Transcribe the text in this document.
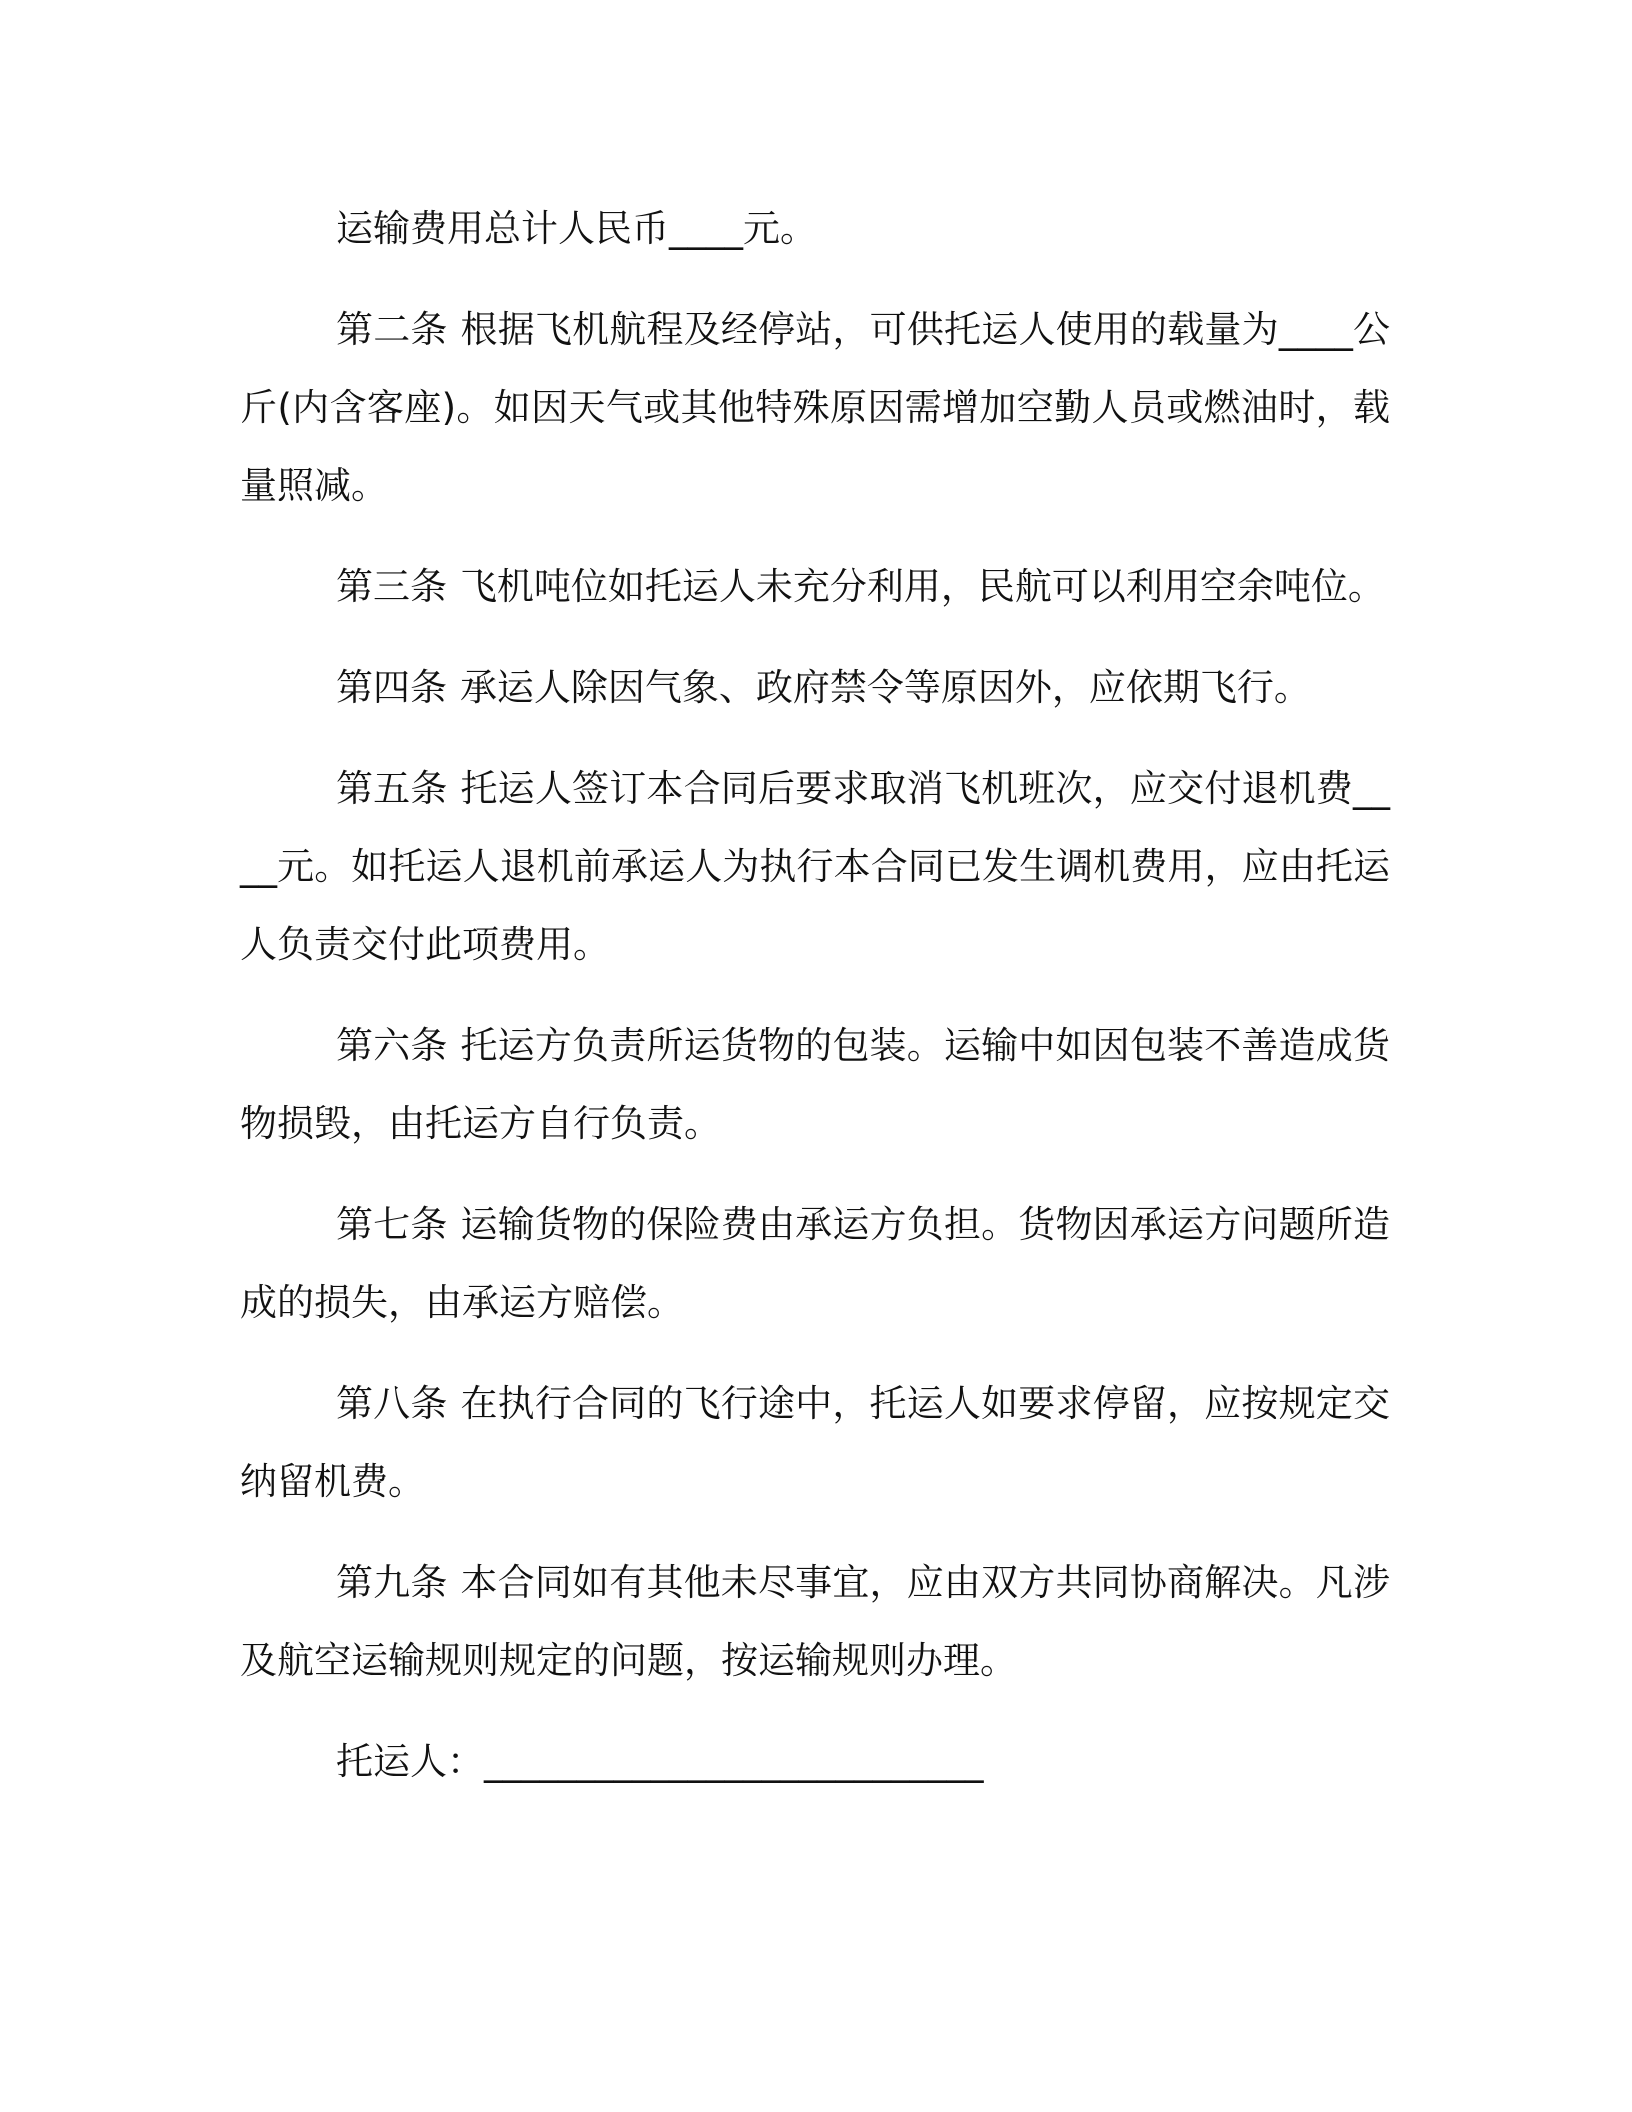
运输费用总计人民币____元。

第二条 根据飞机航程及经停站，可供托运人使用的载量为____公斤(内含客座)。如因天气或其他特殊原因需增加空勤人员或燃油时，载量照减。

第三条 飞机吨位如托运人未充分利用，民航可以利用空余吨位。

第四条 承运人除因气象、政府禁令等原因外，应依期飞行。

第五条 托运人签订本合同后要求取消飞机班次，应交付退机费____元。如托运人退机前承运人为执行本合同已发生调机费用，应由托运人负责交付此项费用。

第六条 托运方负责所运货物的包装。运输中如因包装不善造成货物损毁，由托运方自行负责。

第七条 运输货物的保险费由承运方负担。货物因承运方问题所造成的损失，由承运方赔偿。

第八条 在执行合同的飞行途中，托运人如要求停留，应按规定交纳留机费。

第九条 本合同如有其他未尽事宜，应由双方共同协商解决。凡涉及航空运输规则规定的问题，按运输规则办理。

托运人：___________________________
